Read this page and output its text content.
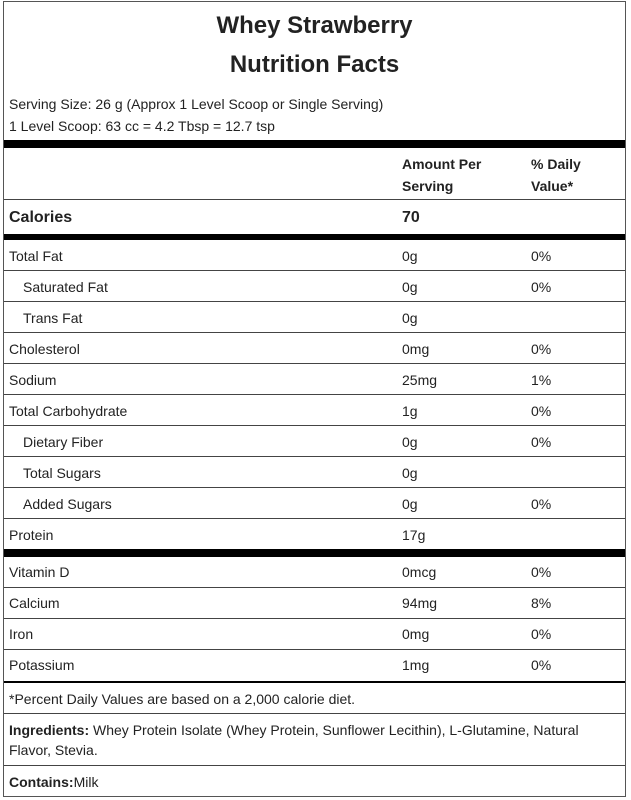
Whey Strawberry
Nutrition Facts
Serving Size: 26 g (Approx 1 Level Scoop or Single Serving)
1 Level Scoop: 63 cc = 4.2 Tbsp = 12.7 tsp
Amount Per
Serving
% Daily
Value*
Calories	70
Total Fat	0g	0%
Saturated Fat	0g	0%
Trans Fat	0g
Cholesterol	0mg	0%
Sodium	25mg	1%
Total Carbohydrate	1g	0%
Dietary Fiber	0g	0%
Total Sugars	0g
Added Sugars	0g	0%
Protein	17g
Vitamin D	0mcg	0%
Calcium	94mg	8%
Iron	0mg	0%
Potassium	1mg	0%
*Percent Daily Values are based on a 2,000 calorie diet.
Ingredients: Whey Protein Isolate (Whey Protein, Sunflower Lecithin), L-Glutamine, Natural Flavor, Stevia.
Contains:Milk
